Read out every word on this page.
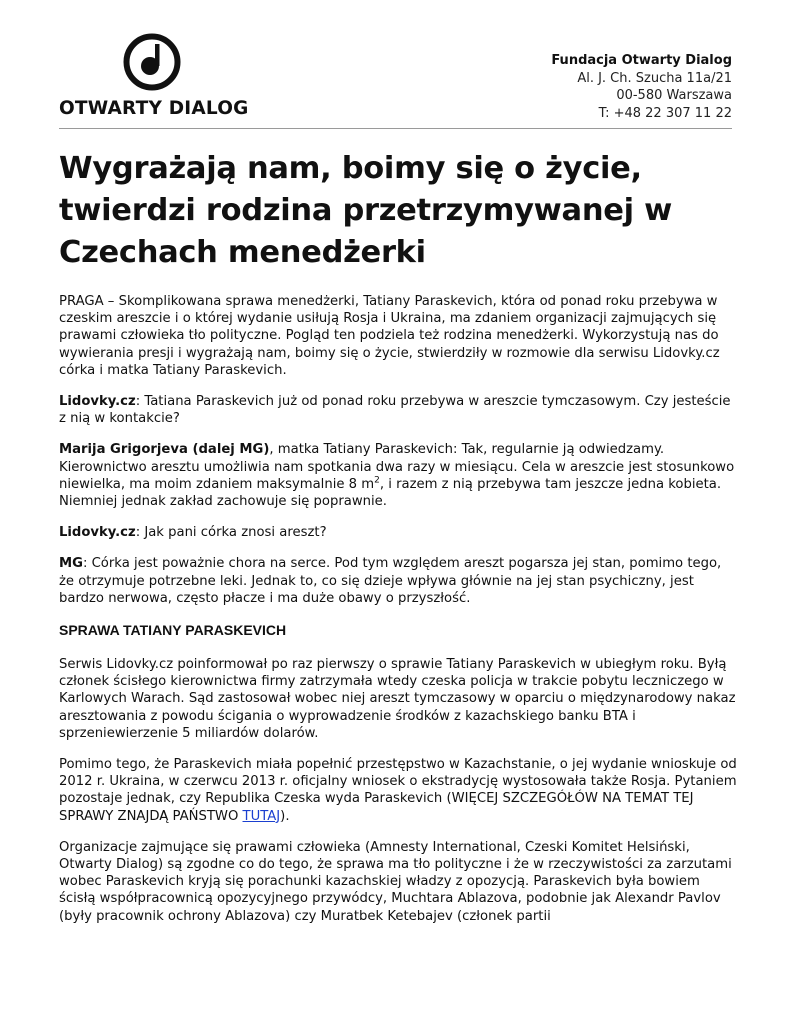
OTWARTY DIALOG
Fundacja Otwarty Dialog
Al. J. Ch. Szucha 11a/21
00-580 Warszawa
T: +48 22 307 11 22
Wygrażają nam, boimy się o życie, twierdzi rodzina przetrzymywanej w Czechach menedżerki

PRAGA – Skomplikowana sprawa menedżerki, Tatiany Paraskevich, która od ponad roku przebywa w czeskim areszcie i o której wydanie usiłują Rosja i Ukraina, ma zdaniem organizacji zajmujących się prawami człowieka tło polityczne. Pogląd ten podziela też rodzina menedżerki. Wykorzystują nas do wywierania presji i wygrażają nam, boimy się o życie, stwierdziły w rozmowie dla serwisu Lidovky.cz córka i matka Tatiany Paraskevich.

Lidovky.cz: Tatiana Paraskevich już od ponad roku przebywa w areszcie tymczasowym. Czy jesteście z nią w kontakcie?

Marija Grigorjeva (dalej MG), matka Tatiany Paraskevich: Tak, regularnie ją odwiedzamy. Kierownictwo aresztu umożliwia nam spotkania dwa razy w miesiącu. Cela w areszcie jest stosunkowo niewielka, ma moim zdaniem maksymalnie 8 $m^2$, i razem z nią przebywa tam jeszcze jedna kobieta. Niemniej jednak zakład zachowuje się poprawnie.

Lidovky.cz: Jak pani córka znosi areszt?

MG: Córka jest poważnie chora na serce. Pod tym względem areszt pogarsza jej stan, pomimo tego, że otrzymuje potrzebne leki. Jednak to, co się dzieje wpływa głównie na jej stan psychiczny, jest bardzo nerwowa, często płacze i ma duże obawy o przyszłość.

SPRAWA TATIANY PARASKEVICH

Serwis Lidovky.cz poinformował po raz pierwszy o sprawie Tatiany Paraskevich w ubiegłym roku. Byłą członek ścisłego kierownictwa firmy zatrzymała wtedy czeska policja w trakcie pobytu leczniczego w Karlowych Warach. Sąd zastosował wobec niej areszt tymczasowy w oparciu o międzynarodowy nakaz aresztowania z powodu ścigania o wyprowadzenie środków z kazachskiego banku BTA i sprzeniewierzenie 5 miliardów dolarów.

Pomimo tego, że Paraskevich miała popełnić przestępstwo w Kazachstanie, o jej wydanie wnioskuje od 2012 r. Ukraina, w czerwcu 2013 r. oficjalny wniosek o ekstradycję wystosowała także Rosja. Pytaniem pozostaje jednak, czy Republika Czeska wyda Paraskevich (WIĘCEJ SZCZEGÓŁÓW NA TEMAT TEJ SPRAWY ZNAJDĄ PAŃSTWO TUTAJ).

Organizacje zajmujące się prawami człowieka (Amnesty International, Czeski Komitet Helsiński, Otwarty Dialog) są zgodne co do tego, że sprawa ma tło polityczne i że w rzeczywistości za zarzutami wobec Paraskevich kryją się porachunki kazachskiej władzy z opozycją. Paraskevich była bowiem ścisłą współpracownicą opozycyjnego przywódcy, Muchtara Ablazova, podobnie jak Alexandr Pavlov (były pracownik ochrony Ablazova) czy Muratbek Ketebajev (członek partii
